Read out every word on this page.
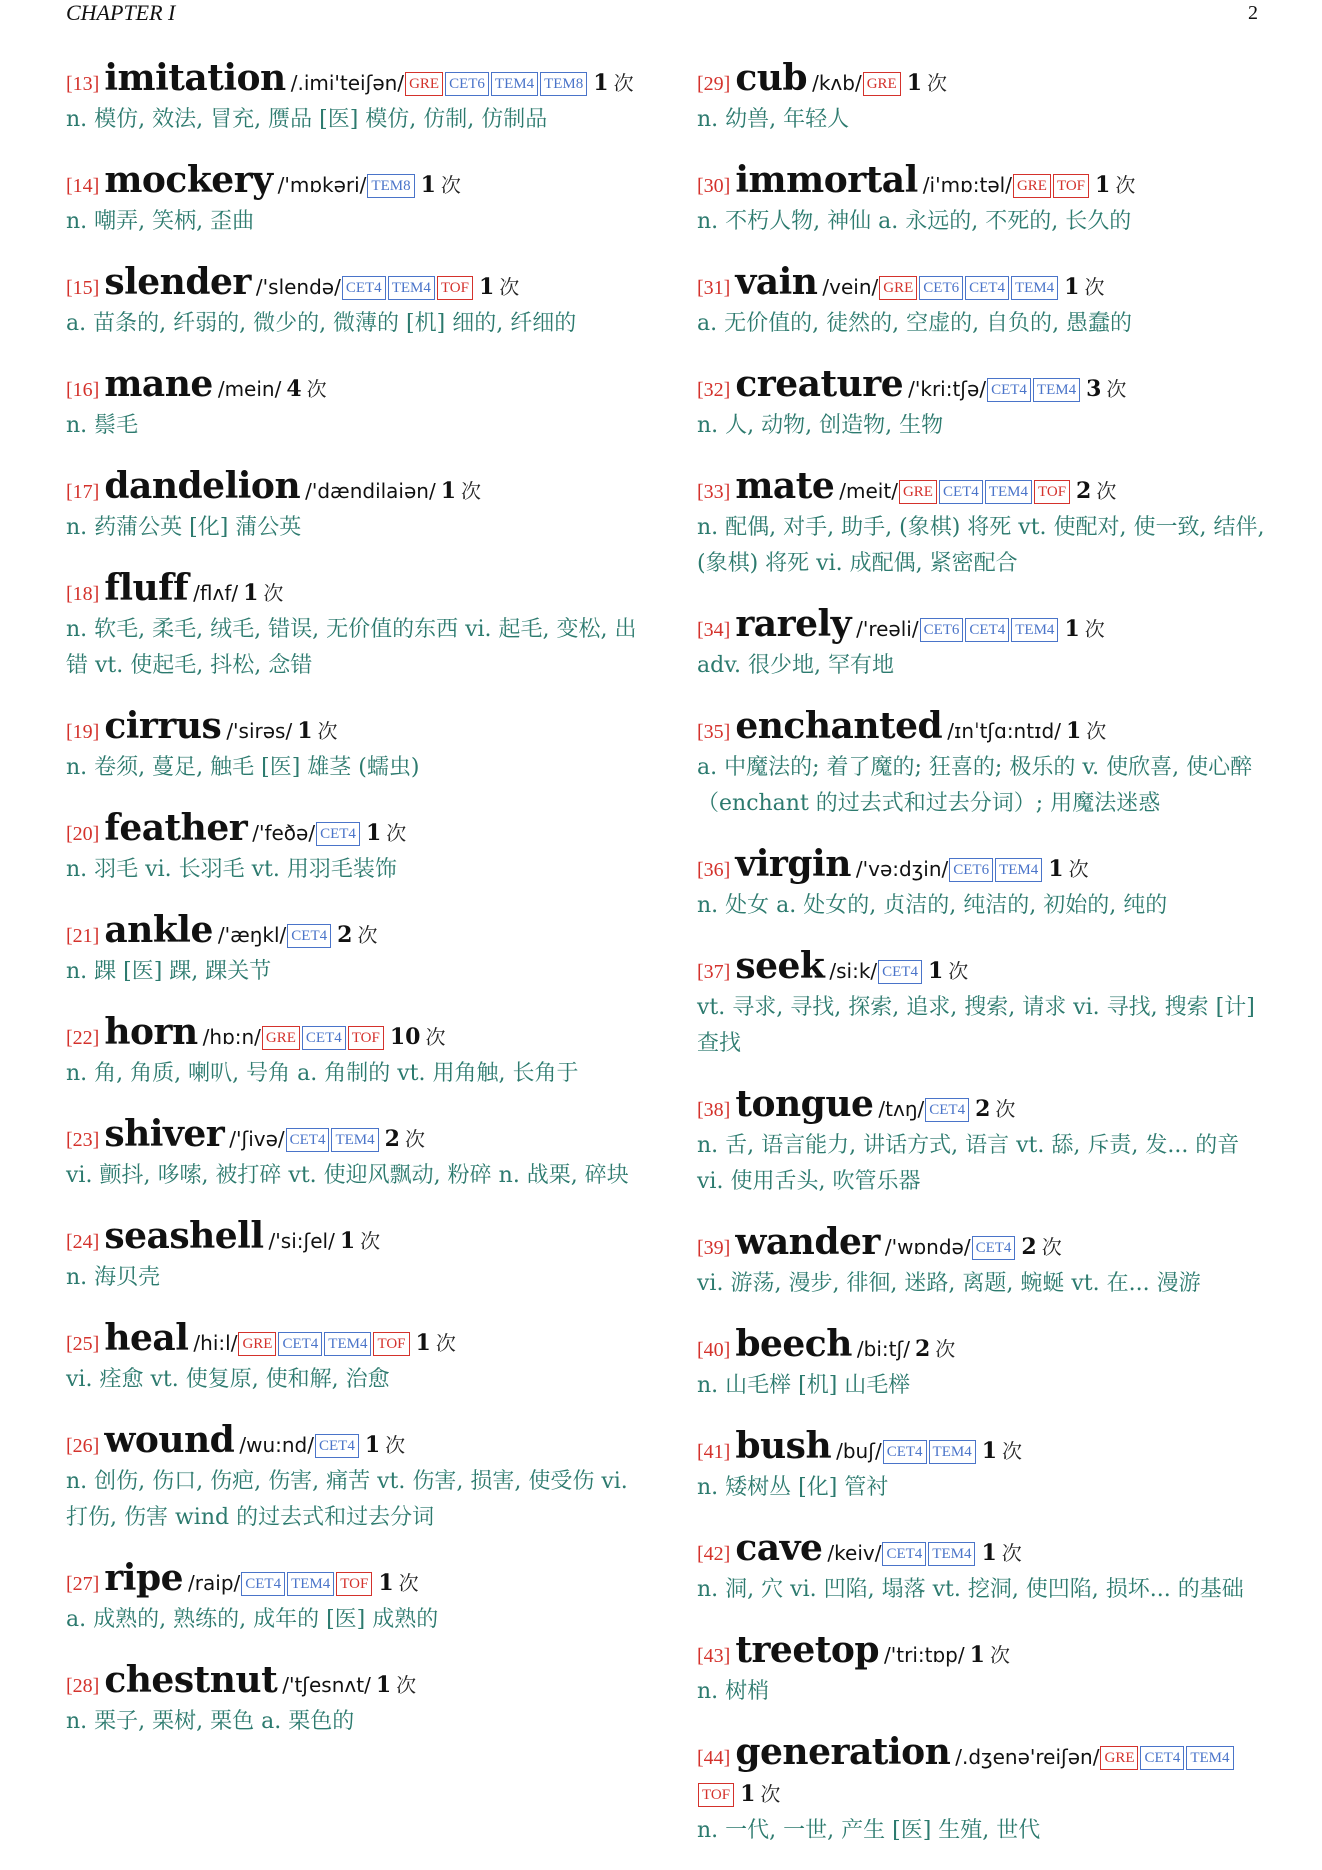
CHAPTER I	2
[13] imitation /.imi'teiʃən/ GRE CET6 TEM4 TEM8 1 次
n. 模仿, 效法, 冒充, 赝品 [医] 模仿, 仿制, 仿制品
[14] mockery /'mɒkəri/ TEM8 1 次
n. 嘲弄, 笑柄, 歪曲
[15] slender /'slendə/ CET4 TEM4 TOF 1 次
a. 苗条的, 纤弱的, 微少的, 微薄的 [机] 细的, 纤细的
[16] mane /mein/ 4 次
n. 鬃毛
[17] dandelion /'dændilaiən/ 1 次
n. 药蒲公英 [化] 蒲公英
[18] fluff /flʌf/ 1 次
n. 软毛, 柔毛, 绒毛, 错误, 无价值的东西 vi. 起毛, 变松, 出错 vt. 使起毛, 抖松, 念错
[19] cirrus /'sirəs/ 1 次
n. 卷须, 蔓足, 触毛 [医] 雄茎 (蠕虫)
[20] feather /'feðə/ CET4 1 次
n. 羽毛 vi. 长羽毛 vt. 用羽毛装饰
[21] ankle /'æŋkl/ CET4 2 次
n. 踝 [医] 踝, 踝关节
[22] horn /hɒ:n/ GRE CET4 TOF 10 次
n. 角, 角质, 喇叭, 号角 a. 角制的 vt. 用角触, 长角于
[23] shiver /'ʃivə/ CET4 TEM4 2 次
vi. 颤抖, 哆嗦, 被打碎 vt. 使迎风飘动, 粉碎 n. 战栗, 碎块
[24] seashell /'si:ʃel/ 1 次
n. 海贝壳
[25] heal /hi:l/ GRE CET4 TEM4 TOF 1 次
vi. 痊愈 vt. 使复原, 使和解, 治愈
[26] wound /wu:nd/ CET4 1 次
n. 创伤, 伤口, 伤疤, 伤害, 痛苦 vt. 伤害, 损害, 使受伤 vi. 打伤, 伤害 wind 的过去式和过去分词
[27] ripe /raip/ CET4 TEM4 TOF 1 次
a. 成熟的, 熟练的, 成年的 [医] 成熟的
[28] chestnut /'tʃesnʌt/ 1 次
n. 栗子, 栗树, 栗色 a. 栗色的
[29] cub /kʌb/ GRE 1 次
n. 幼兽, 年轻人
[30] immortal /i'mɒ:təl/ GRE TOF 1 次
n. 不朽人物, 神仙 a. 永远的, 不死的, 长久的
[31] vain /vein/ GRE CET6 CET4 TEM4 1 次
a. 无价值的, 徒然的, 空虚的, 自负的, 愚蠢的
[32] creature /'kri:tʃə/ CET4 TEM4 3 次
n. 人, 动物, 创造物, 生物
[33] mate /meit/ GRE CET4 TEM4 TOF 2 次
n. 配偶, 对手, 助手, (象棋) 将死 vt. 使配对, 使一致, 结伴, (象棋) 将死 vi. 成配偶, 紧密配合
[34] rarely /'reəli/ CET6 CET4 TEM4 1 次
adv. 很少地, 罕有地
[35] enchanted /ɪnˈtʃɑ:ntɪd/ 1 次
a. 中魔法的; 着了魔的; 狂喜的; 极乐的 v. 使欣喜, 使心醉（enchant 的过去式和过去分词）; 用魔法迷惑
[36] virgin /'və:dʒin/ CET6 TEM4 1 次
n. 处女 a. 处女的, 贞洁的, 纯洁的, 初始的, 纯的
[37] seek /si:k/ CET4 1 次
vt. 寻求, 寻找, 探索, 追求, 搜索, 请求 vi. 寻找, 搜索 [计] 查找
[38] tongue /tʌŋ/ CET4 2 次
n. 舌, 语言能力, 讲话方式, 语言 vt. 舔, 斥责, 发... 的音 vi. 使用舌头, 吹管乐器
[39] wander /'wɒndə/ CET4 2 次
vi. 游荡, 漫步, 徘徊, 迷路, 离题, 蜿蜒 vt. 在... 漫游
[40] beech /bi:tʃ/ 2 次
n. 山毛榉 [机] 山毛榉
[41] bush /buʃ/ CET4 TEM4 1 次
n. 矮树丛 [化] 管衬
[42] cave /keiv/ CET4 TEM4 1 次
n. 洞, 穴 vi. 凹陷, 塌落 vt. 挖洞, 使凹陷, 损坏... 的基础
[43] treetop /'tri:tɒp/ 1 次
n. 树梢
[44] generation /.dʒenə'reiʃən/ GRE CET4 TEM4TOF 1 次
n. 一代, 一世, 产生 [医] 生殖, 世代
